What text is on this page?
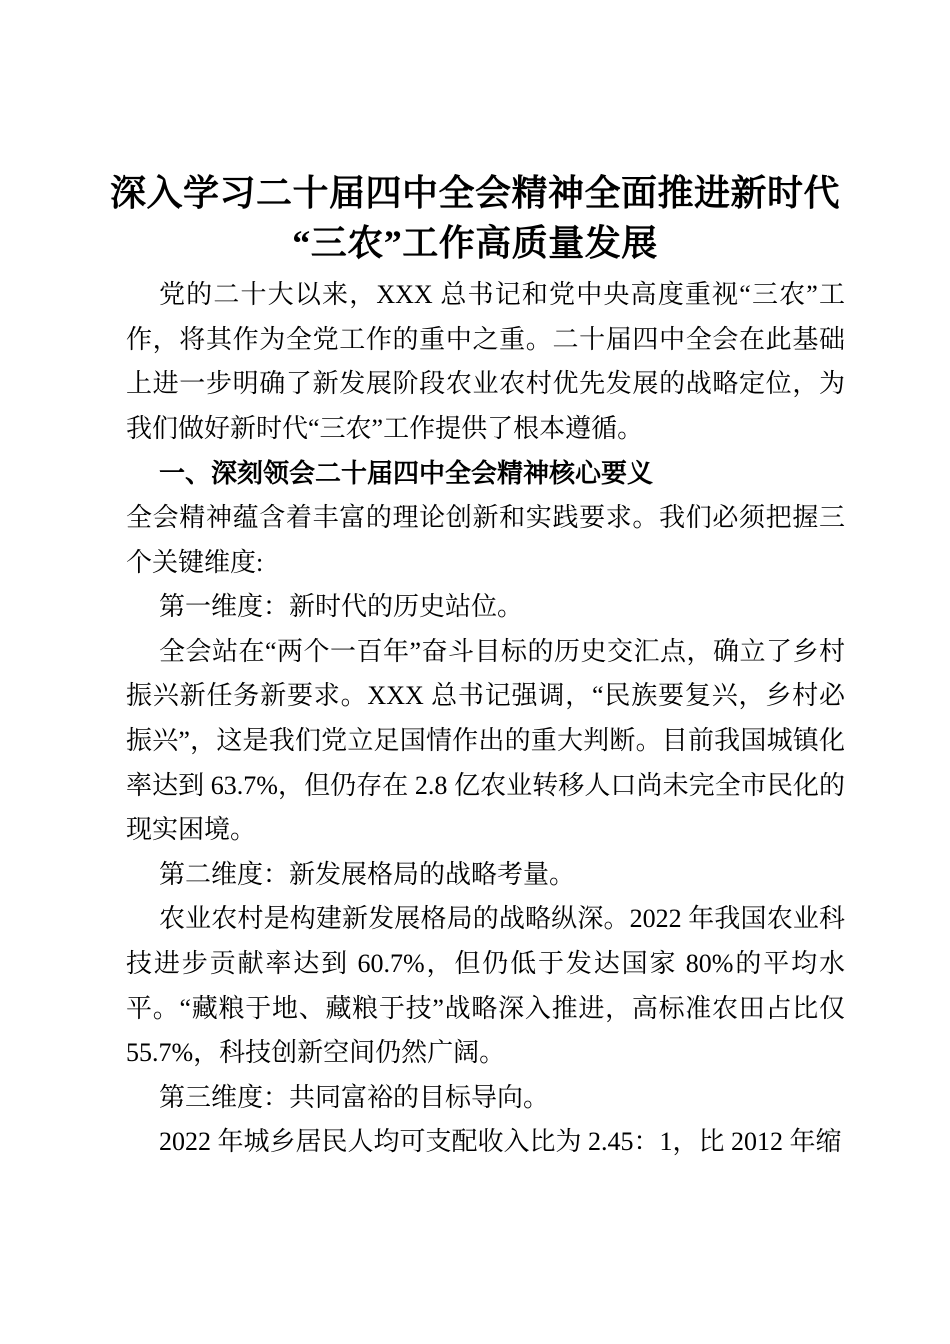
深入学习二十届四中全会精神全面推进新时代
“三农”工作高质量发展

党的二十大以来，XXX 总书记和党中央高度重视“三农”工作，将其作为全党工作的重中之重。二十届四中全会在此基础上进一步明确了新发展阶段农业农村优先发展的战略定位，为我们做好新时代“三农”工作提供了根本遵循。

一、深刻领会二十届四中全会精神核心要义

全会精神蕴含着丰富的理论创新和实践要求。我们必须把握三个关键维度:

第一维度：新时代的历史站位。

全会站在“两个一百年”奋斗目标的历史交汇点，确立了乡村振兴新任务新要求。XXX 总书记强调，“民族要复兴，乡村必振兴”，这是我们党立足国情作出的重大判断。目前我国城镇化率达到 63.7%，但仍存在 2.8 亿农业转移人口尚未完全市民化的现实困境。

第二维度：新发展格局的战略考量。

农业农村是构建新发展格局的战略纵深。2022 年我国农业科技进步贡献率达到 60.7%，但仍低于发达国家 80%的平均水平。“藏粮于地、藏粮于技”战略深入推进，高标准农田占比仅 55.7%，科技创新空间仍然广阔。

第三维度：共同富裕的目标导向。

2022 年城乡居民人均可支配收入比为 2.45：1，比 2012 年缩
